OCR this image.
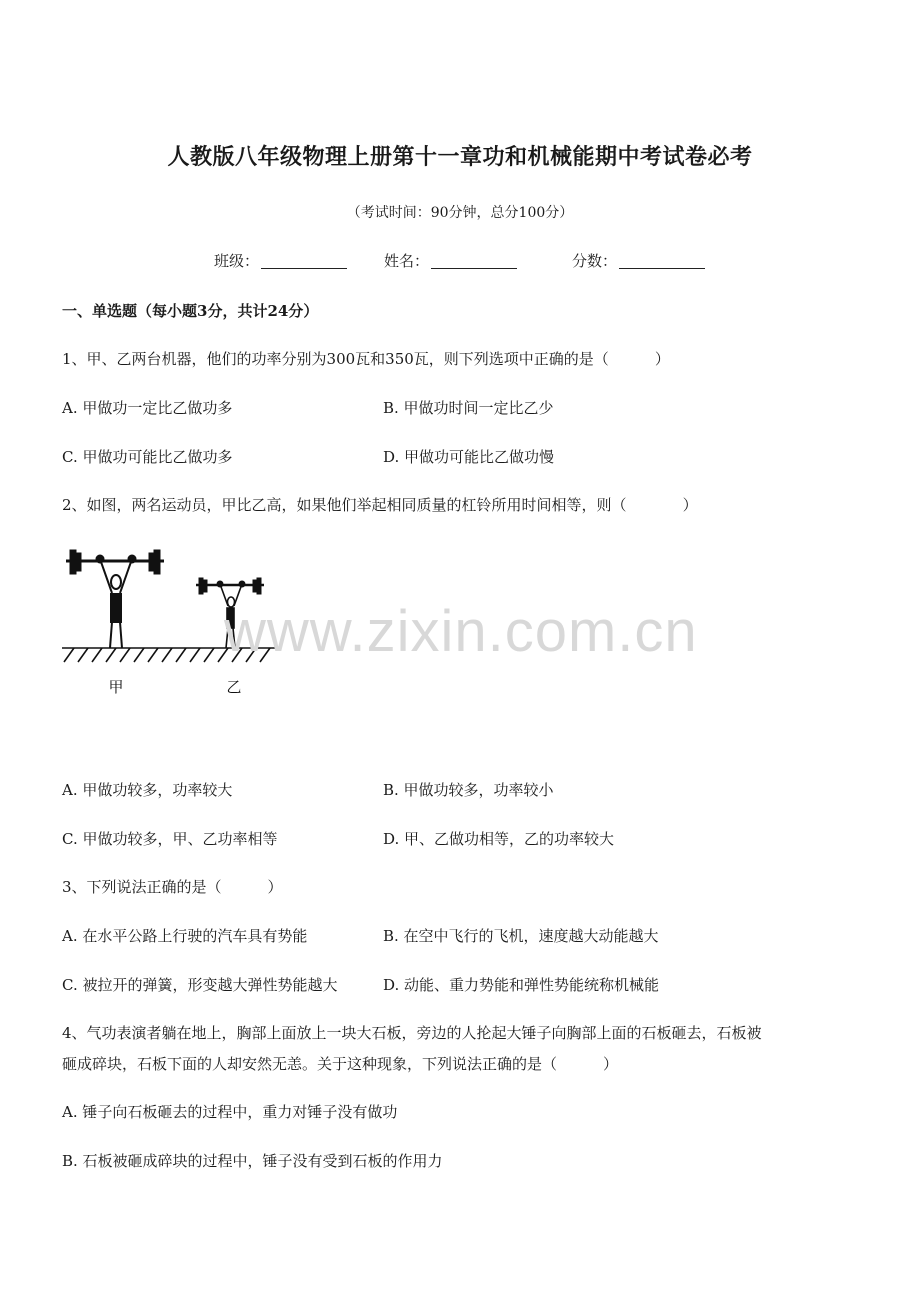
人教版八年级物理上册第十一章功和机械能期中考试卷必考
（考试时间：90分钟，总分100分）
班级：	姓名：	分数：
一、单选题（每小题3分，共计24分）
1、甲、乙两台机器，他们的功率分别为300瓦和350瓦，则下列选项中正确的是（	）
A. 甲做功一定比乙做功多	B. 甲做功时间一定比乙少
C. 甲做功可能比乙做功多	D. 甲做功可能比乙做功慢
2、如图，两名运动员，甲比乙高，如果他们举起相同质量的杠铃所用时间相等，则（	）
甲	乙
www.zixin.com.cn
A. 甲做功较多，功率较大	B. 甲做功较多，功率较小
C. 甲做功较多，甲、乙功率相等	D. 甲、乙做功相等，乙的功率较大
3、下列说法正确的是（	）
A. 在水平公路上行驶的汽车具有势能	B. 在空中飞行的飞机，速度越大动能越大
C. 被拉开的弹簧，形变越大弹性势能越大	D. 动能、重力势能和弹性势能统称机械能
4、气功表演者躺在地上，胸部上面放上一块大石板，旁边的人抡起大锤子向胸部上面的石板砸去，石板被
砸成碎块，石板下面的人却安然无恙。关于这种现象，下列说法正确的是（	）
A. 锤子向石板砸去的过程中，重力对锤子没有做功
B. 石板被砸成碎块的过程中，锤子没有受到石板的作用力
